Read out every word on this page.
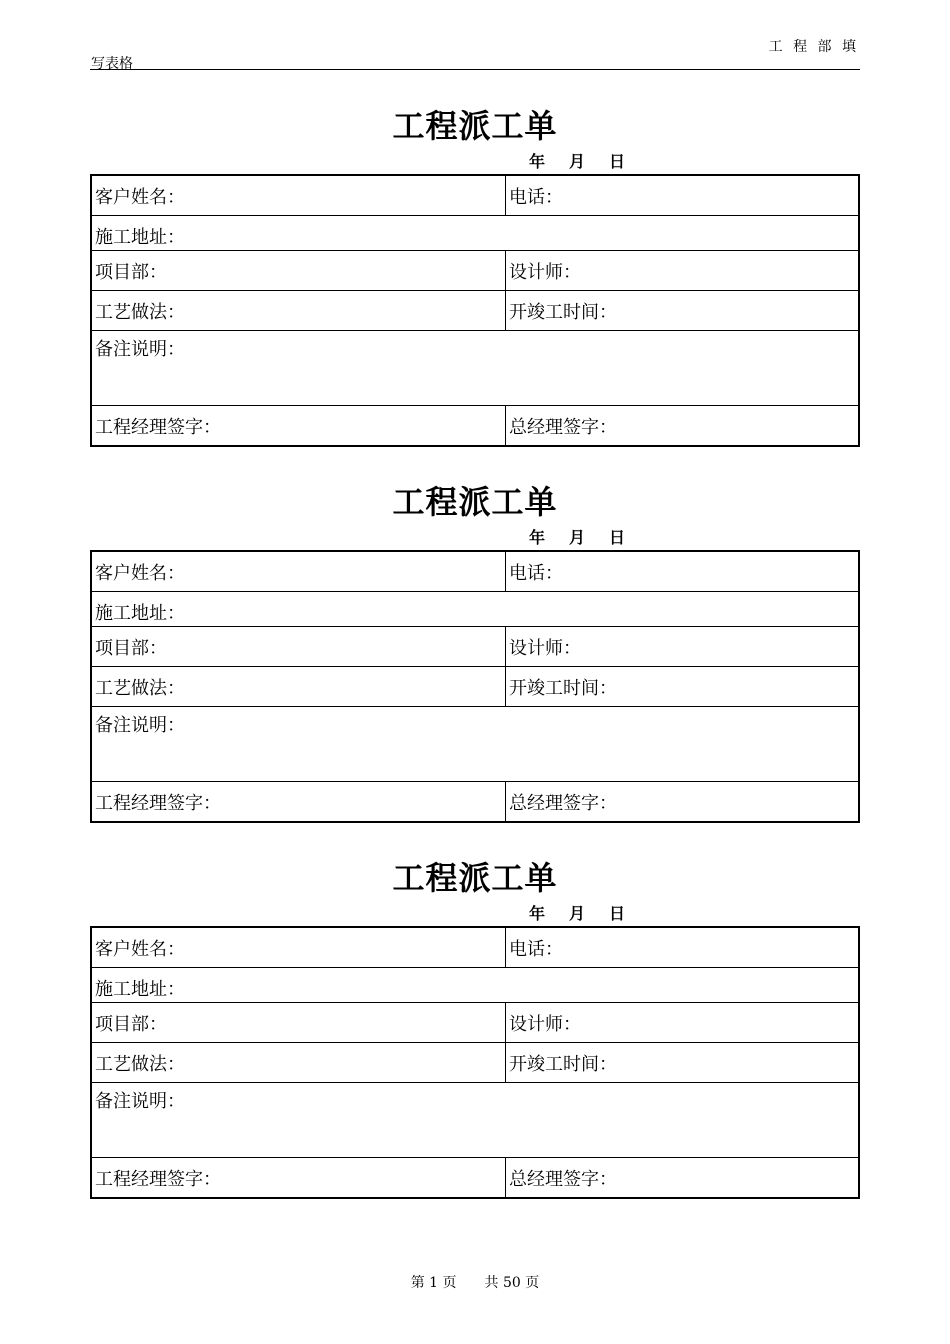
工 程 部 填
写表格
工程派工单
年 月 日
客户姓名：	电话：
施工地址：	
项目部：	设计师：
工艺做法：	开竣工时间：
备注说明：	
工程经理签字：	总经理签字：
工程派工单
年 月 日
客户姓名：	电话：
施工地址：	
项目部：	设计师：
工艺做法：	开竣工时间：
备注说明：	
工程经理签字：	总经理签字：
工程派工单
年 月 日
客户姓名：	电话：
施工地址：	
项目部：	设计师：
工艺做法：	开竣工时间：
备注说明：	
工程经理签字：	总经理签字：
第 1 页 共 50 页
